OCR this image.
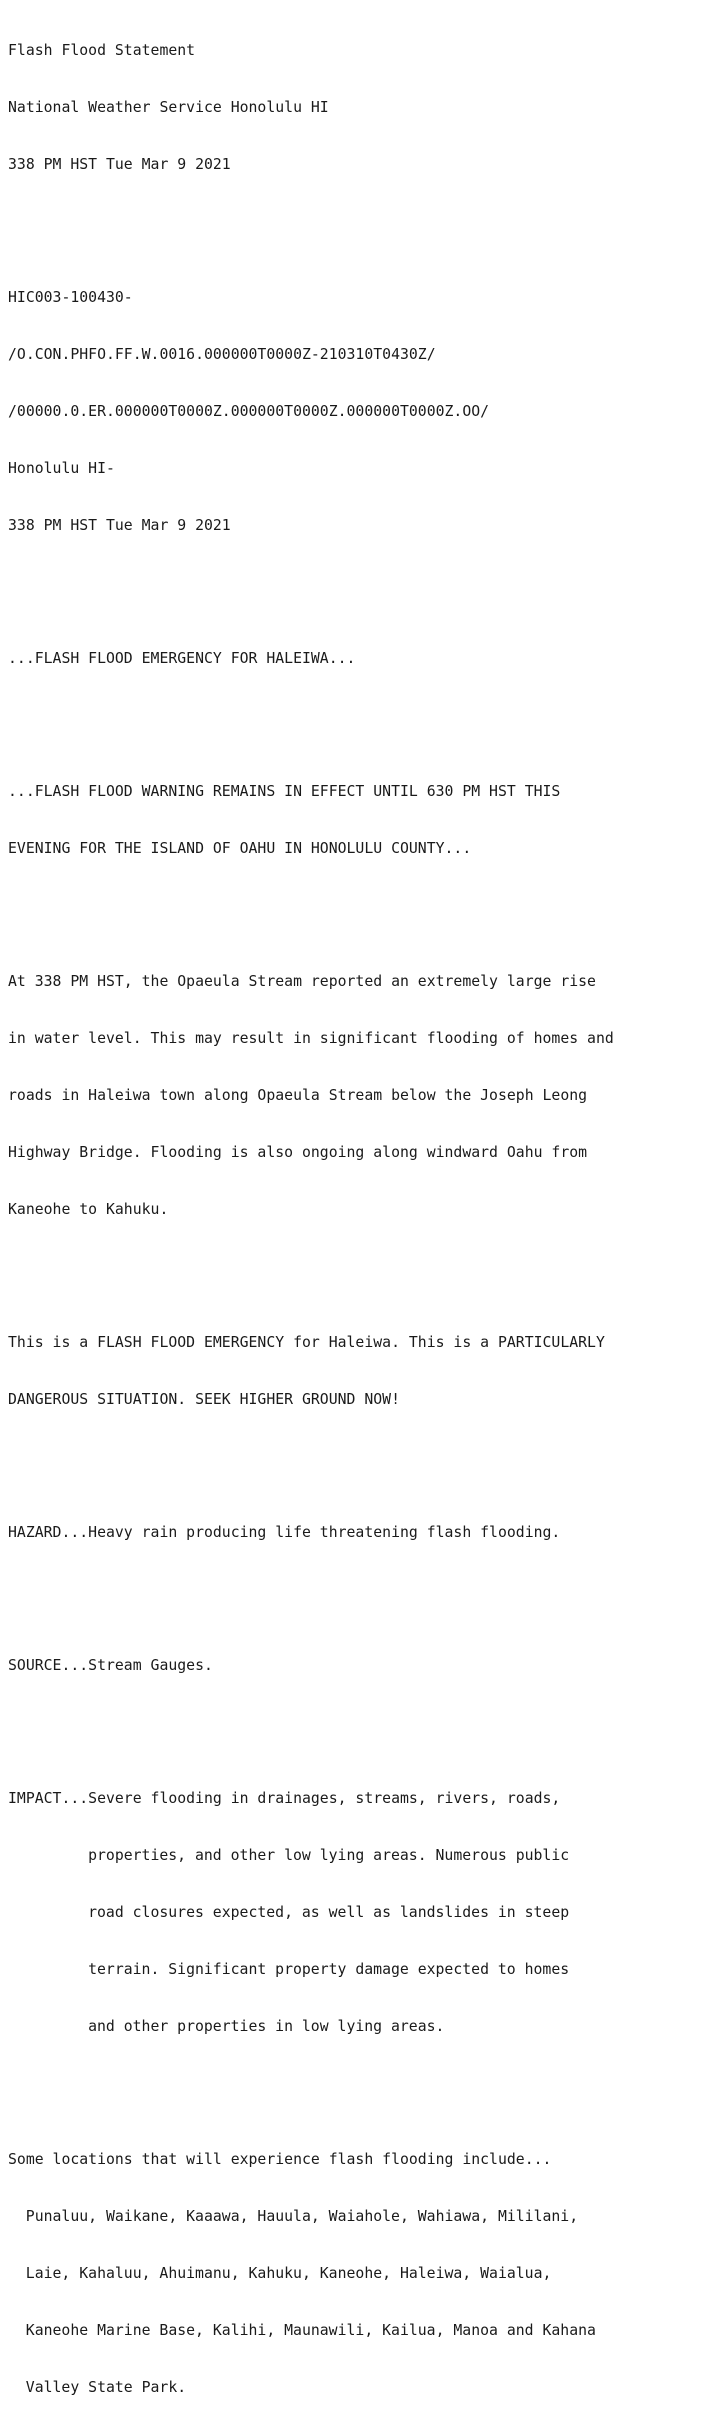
Flash Flood Statement

National Weather Service Honolulu HI

338 PM HST Tue Mar 9 2021

HIC003-100430-

/O.CON.PHFO.FF.W.0016.000000T0000Z-210310T0430Z/

/00000.0.ER.000000T0000Z.000000T0000Z.000000T0000Z.OO/

Honolulu HI-

338 PM HST Tue Mar 9 2021

...FLASH FLOOD EMERGENCY FOR HALEIWA...

...FLASH FLOOD WARNING REMAINS IN EFFECT UNTIL 630 PM HST THIS

EVENING FOR THE ISLAND OF OAHU IN HONOLULU COUNTY...

At 338 PM HST, the Opaeula Stream reported an extremely large rise

in water level. This may result in significant flooding of homes and

roads in Haleiwa town along Opaeula Stream below the Joseph Leong

Highway Bridge. Flooding is also ongoing along windward Oahu from

Kaneohe to Kahuku.

This is a FLASH FLOOD EMERGENCY for Haleiwa. This is a PARTICULARLY

DANGEROUS SITUATION. SEEK HIGHER GROUND NOW!

HAZARD...Heavy rain producing life threatening flash flooding.

SOURCE...Stream Gauges.

IMPACT...Severe flooding in drainages, streams, rivers, roads,

properties, and other low lying areas. Numerous public

road closures expected, as well as landslides in steep

terrain. Significant property damage expected to homes

and other properties in low lying areas.

Some locations that will experience flash flooding include...

Punaluu, Waikane, Kaaawa, Hauula, Waiahole, Wahiawa, Mililani,

Laie, Kahaluu, Ahuimanu, Kahuku, Kaneohe, Haleiwa, Waialua,

Kaneohe Marine Base, Kalihi, Maunawili, Kailua, Manoa and Kahana

Valley State Park.
